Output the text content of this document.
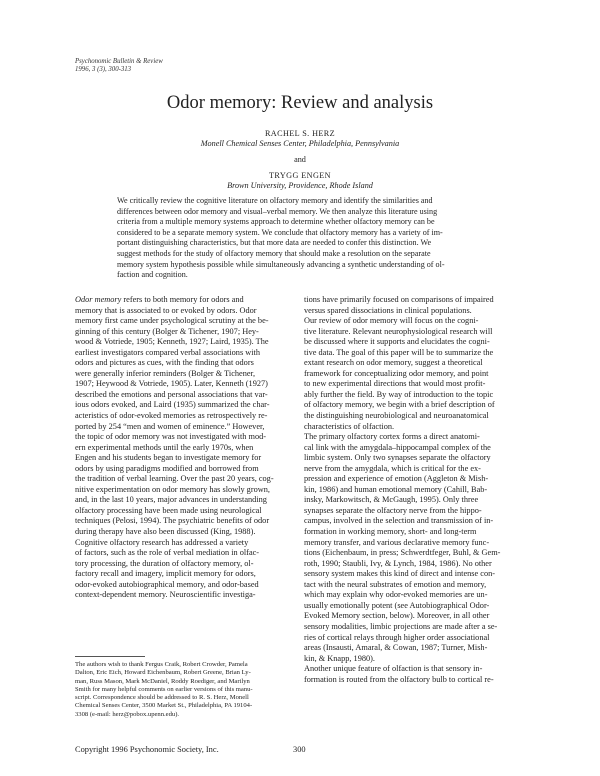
Psychonomic Bulletin & Review
1996, 3 (3), 300-313
Odor memory: Review and analysis
RACHEL S. HERZ
Monell Chemical Senses Center, Philadelphia, Pennsylvania
and
TRYGG ENGEN
Brown University, Providence, Rhode Island
We critically review the cognitive literature on olfactory memory and identify the similarities and
differences between odor memory and visual–verbal memory. We then analyze this literature using
criteria from a multiple memory systems approach to determine whether olfactory memory can be
considered to be a separate memory system. We conclude that olfactory memory has a variety of im-
portant distinguishing characteristics, but that more data are needed to confer this distinction. We
suggest methods for the study of olfactory memory that should make a resolution on the separate
memory system hypothesis possible while simultaneously advancing a synthetic understanding of ol-
faction and cognition.
Odor memory refers to both memory for odors and
memory that is associated to or evoked by odors. Odor
memory first came under psychological scrutiny at the be-
ginning of this century (Bolger & Tichener, 1907; Hey-
wood & Votriede, 1905; Kenneth, 1927; Laird, 1935). The
earliest investigators compared verbal associations with
odors and pictures as cues, with the finding that odors
were generally inferior reminders (Bolger & Tichener,
1907; Heywood & Votriede, 1905). Later, Kenneth (1927)
described the emotions and personal associations that var-
ious odors evoked, and Laird (1935) summarized the char-
acteristics of odor-evoked memories as retrospectively re-
ported by 254 “men and women of eminence.” However,
the topic of odor memory was not investigated with mod-
ern experimental methods until the early 1970s, when
Engen and his students began to investigate memory for
odors by using paradigms modified and borrowed from
the tradition of verbal learning. Over the past 20 years, cog-
nitive experimentation on odor memory has slowly grown,
and, in the last 10 years, major advances in understanding
olfactory processing have been made using neurological
techniques (Pelosi, 1994). The psychiatric benefits of odor
during therapy have also been discussed (King, 1988).
Cognitive olfactory research has addressed a variety
of factors, such as the role of verbal mediation in olfac-
tory processing, the duration of olfactory memory, ol-
factory recall and imagery, implicit memory for odors,
odor-evoked autobiographical memory, and odor-based
context-dependent memory. Neuroscientific investiga-
tions have primarily focused on comparisons of impaired
versus spared dissociations in clinical populations.
Our review of odor memory will focus on the cogni-
tive literature. Relevant neurophysiological research will
be discussed where it supports and elucidates the cogni-
tive data. The goal of this paper will be to summarize the
extant research on odor memory, suggest a theoretical
framework for conceptualizing odor memory, and point
to new experimental directions that would most profit-
ably further the field. By way of introduction to the topic
of olfactory memory, we begin with a brief description of
the distinguishing neurobiological and neuroanatomical
characteristics of olfaction.
The primary olfactory cortex forms a direct anatomi-
cal link with the amygdala–hippocampal complex of the
limbic system. Only two synapses separate the olfactory
nerve from the amygdala, which is critical for the ex-
pression and experience of emotion (Aggleton & Mish-
kin, 1986) and human emotional memory (Cahill, Bab-
insky, Markowitsch, & McGaugh, 1995). Only three
synapses separate the olfactory nerve from the hippo-
campus, involved in the selection and transmission of in-
formation in working memory, short- and long-term
memory transfer, and various declarative memory func-
tions (Eichenbaum, in press; Schwerdtfeger, Buhl, & Gem-
roth, 1990; Staubli, Ivy, & Lynch, 1984, 1986). No other
sensory system makes this kind of direct and intense con-
tact with the neural substrates of emotion and memory,
which may explain why odor-evoked memories are un-
usually emotionally potent (see Autobiographical Odor-
Evoked Memory section, below). Moreover, in all other
sensory modalities, limbic projections are made after a se-
ries of cortical relays through higher order associational
areas (Insausti, Amaral, & Cowan, 1987; Turner, Mish-
kin, & Knapp, 1980).
Another unique feature of olfaction is that sensory in-
formation is routed from the olfactory bulb to cortical re-
The authors wish to thank Fergus Craik, Robert Crowder, Pamela
Dalton, Eric Eich, Howard Eichenbaum, Robert Greene, Brian Ly-
man, Russ Mason, Mark McDaniel, Roddy Roediger, and Marilyn
Smith for many helpful comments on earlier versions of this manu-
script. Correspondence should be addressed to R. S. Herz, Monell
Chemical Senses Center, 3500 Market St., Philadelphia, PA 19104-
3308 (e-mail: herz@pobox.upenn.edu).
Copyright 1996 Psychonomic Society, Inc.	300
